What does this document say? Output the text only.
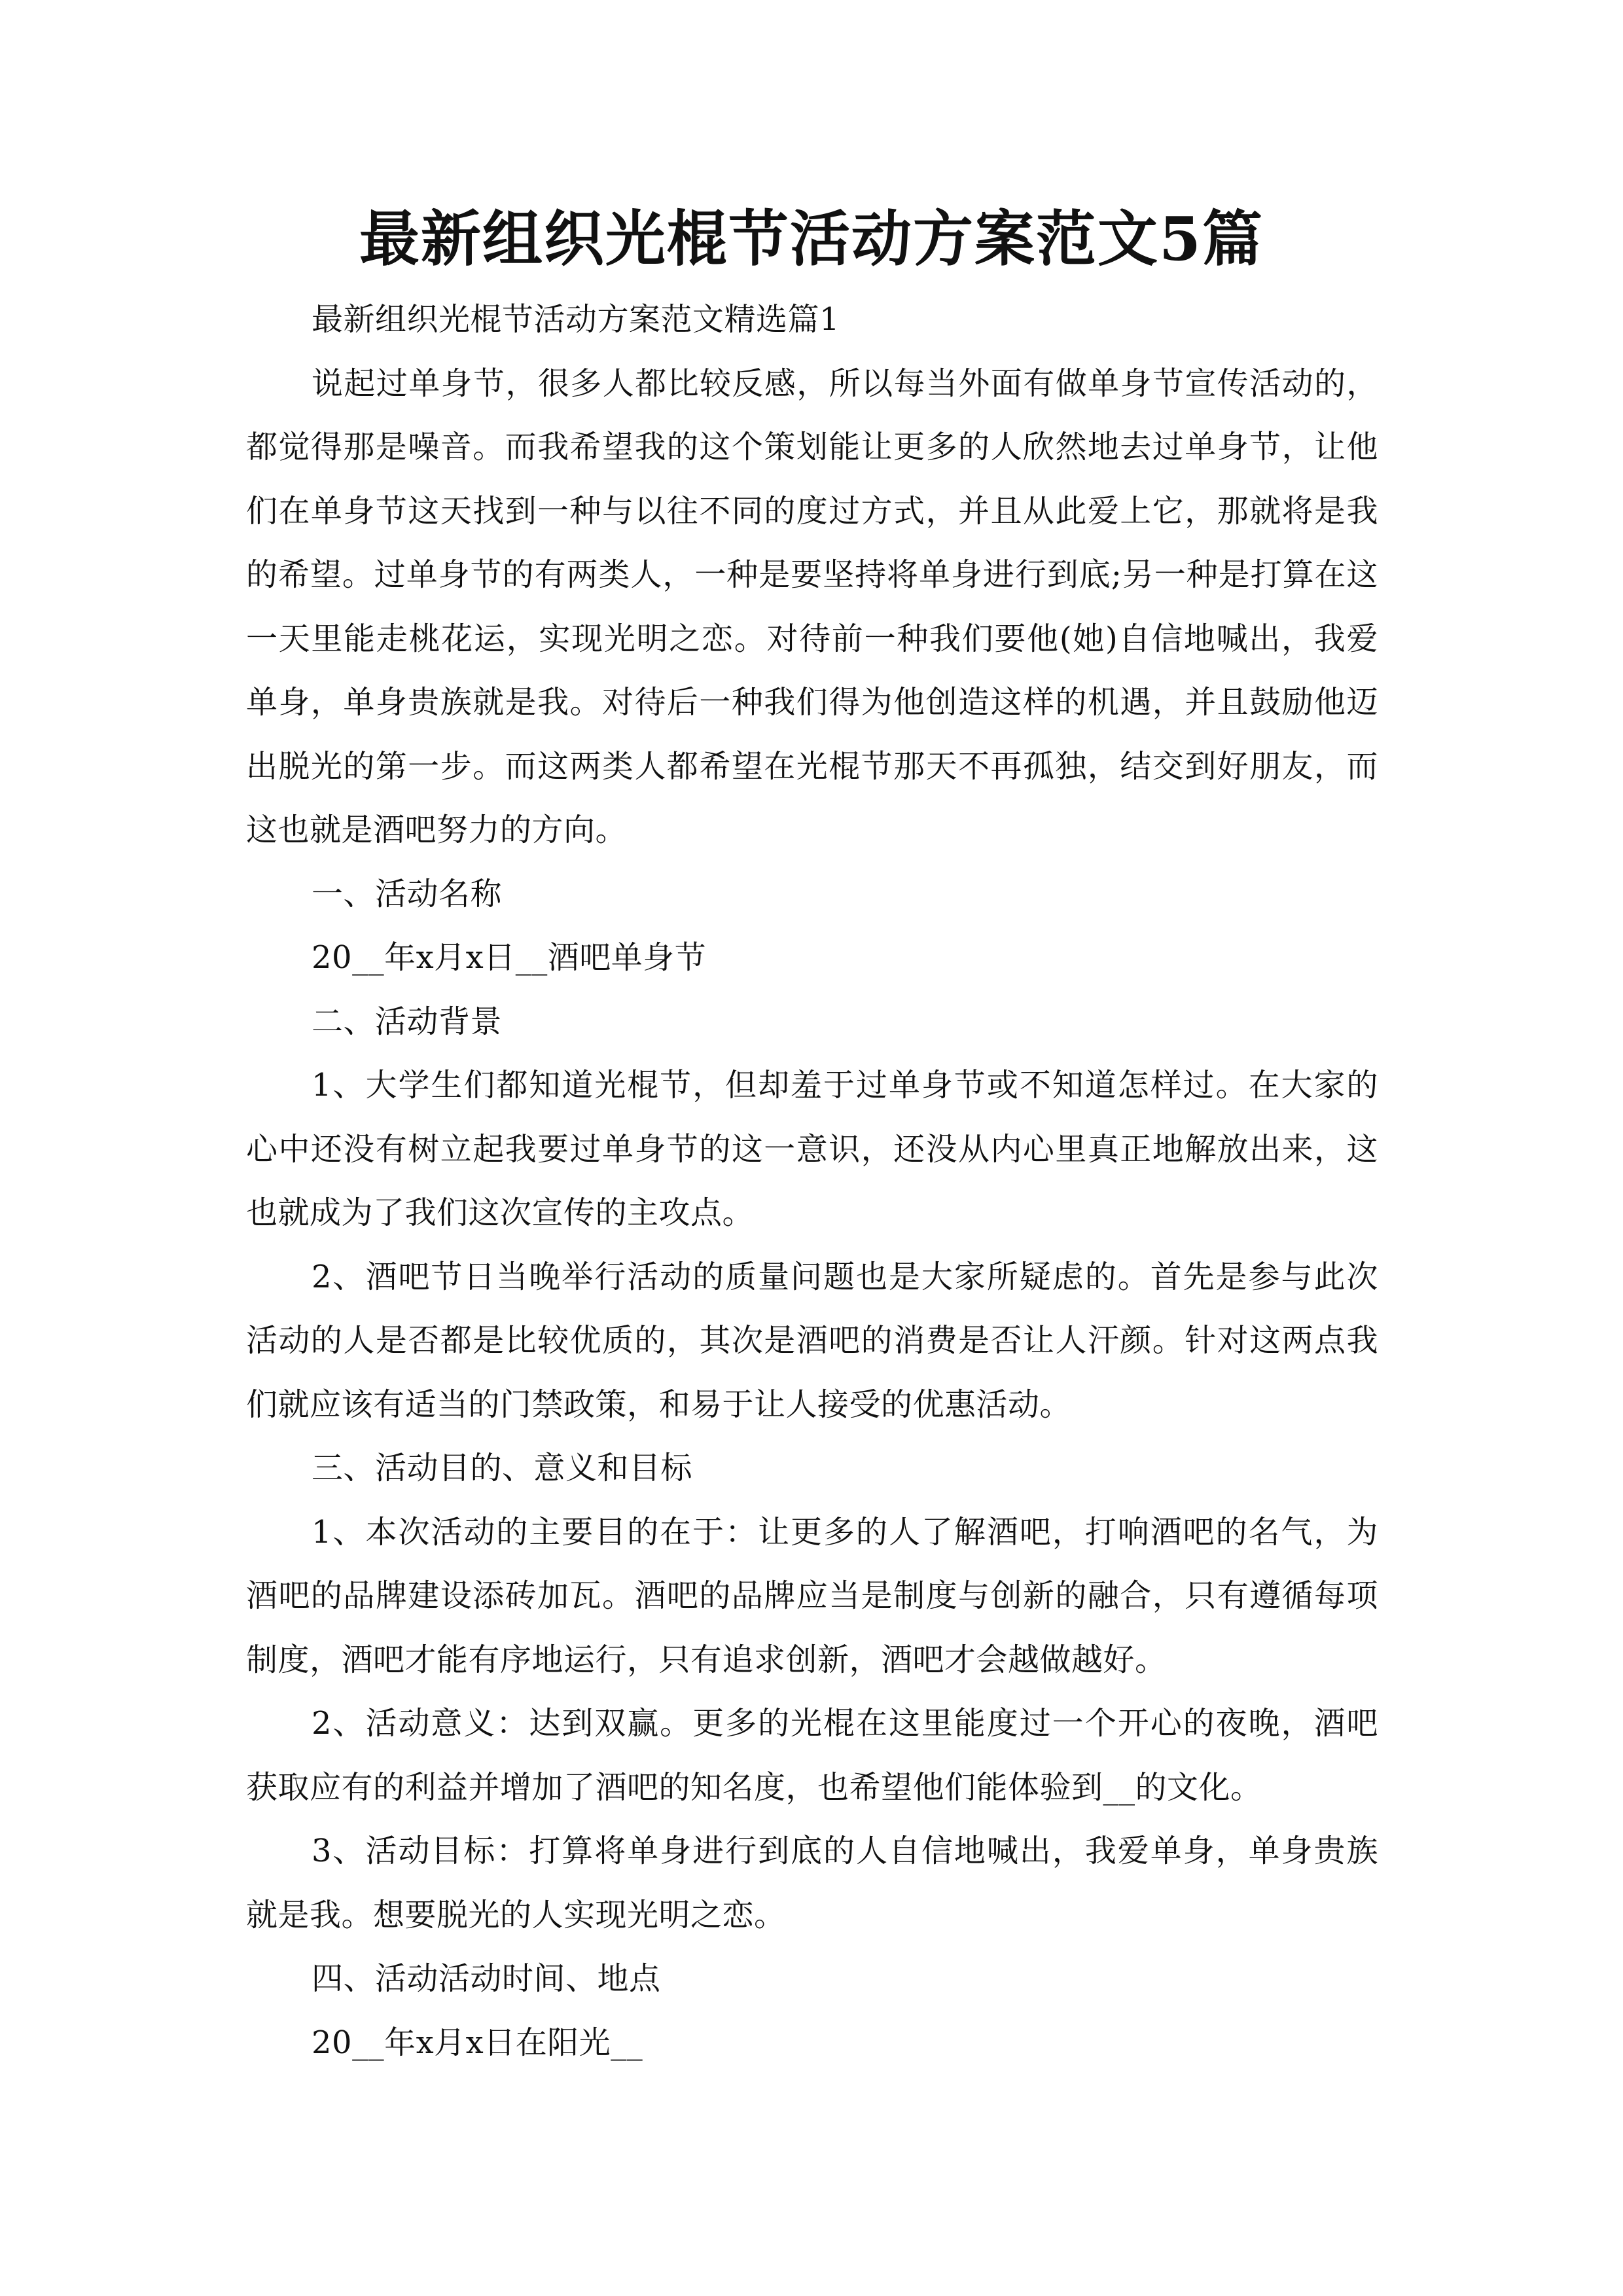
最新组织光棍节活动方案范文5篇

最新组织光棍节活动方案范文精选篇1

说起过单身节，很多人都比较反感，所以每当外面有做单身节宣传活动的，都觉得那是噪音。而我希望我的这个策划能让更多的人欣然地去过单身节，让他们在单身节这天找到一种与以往不同的度过方式，并且从此爱上它，那就将是我的希望。过单身节的有两类人，一种是要坚持将单身进行到底;另一种是打算在这一天里能走桃花运，实现光明之恋。对待前一种我们要他(她)自信地喊出，我爱单身，单身贵族就是我。对待后一种我们得为他创造这样的机遇，并且鼓励他迈出脱光的第一步。而这两类人都希望在光棍节那天不再孤独，结交到好朋友，而这也就是酒吧努力的方向。

一、活动名称

20__年x月x日__酒吧单身节

二、活动背景

1、大学生们都知道光棍节，但却羞于过单身节或不知道怎样过。在大家的心中还没有树立起我要过单身节的这一意识，还没从内心里真正地解放出来，这也就成为了我们这次宣传的主攻点。

2、酒吧节日当晚举行活动的质量问题也是大家所疑虑的。首先是参与此次活动的人是否都是比较优质的，其次是酒吧的消费是否让人汗颜。针对这两点我们就应该有适当的门禁政策，和易于让人接受的优惠活动。

三、活动目的、意义和目标

1、本次活动的主要目的在于：让更多的人了解酒吧，打响酒吧的名气，为酒吧的品牌建设添砖加瓦。酒吧的品牌应当是制度与创新的融合，只有遵循每项制度，酒吧才能有序地运行，只有追求创新，酒吧才会越做越好。

2、活动意义：达到双赢。更多的光棍在这里能度过一个开心的夜晚，酒吧获取应有的利益并增加了酒吧的知名度，也希望他们能体验到__的文化。

3、活动目标：打算将单身进行到底的人自信地喊出，我爱单身，单身贵族就是我。想要脱光的人实现光明之恋。

四、活动活动时间、地点

20__年x月x日在阳光__
